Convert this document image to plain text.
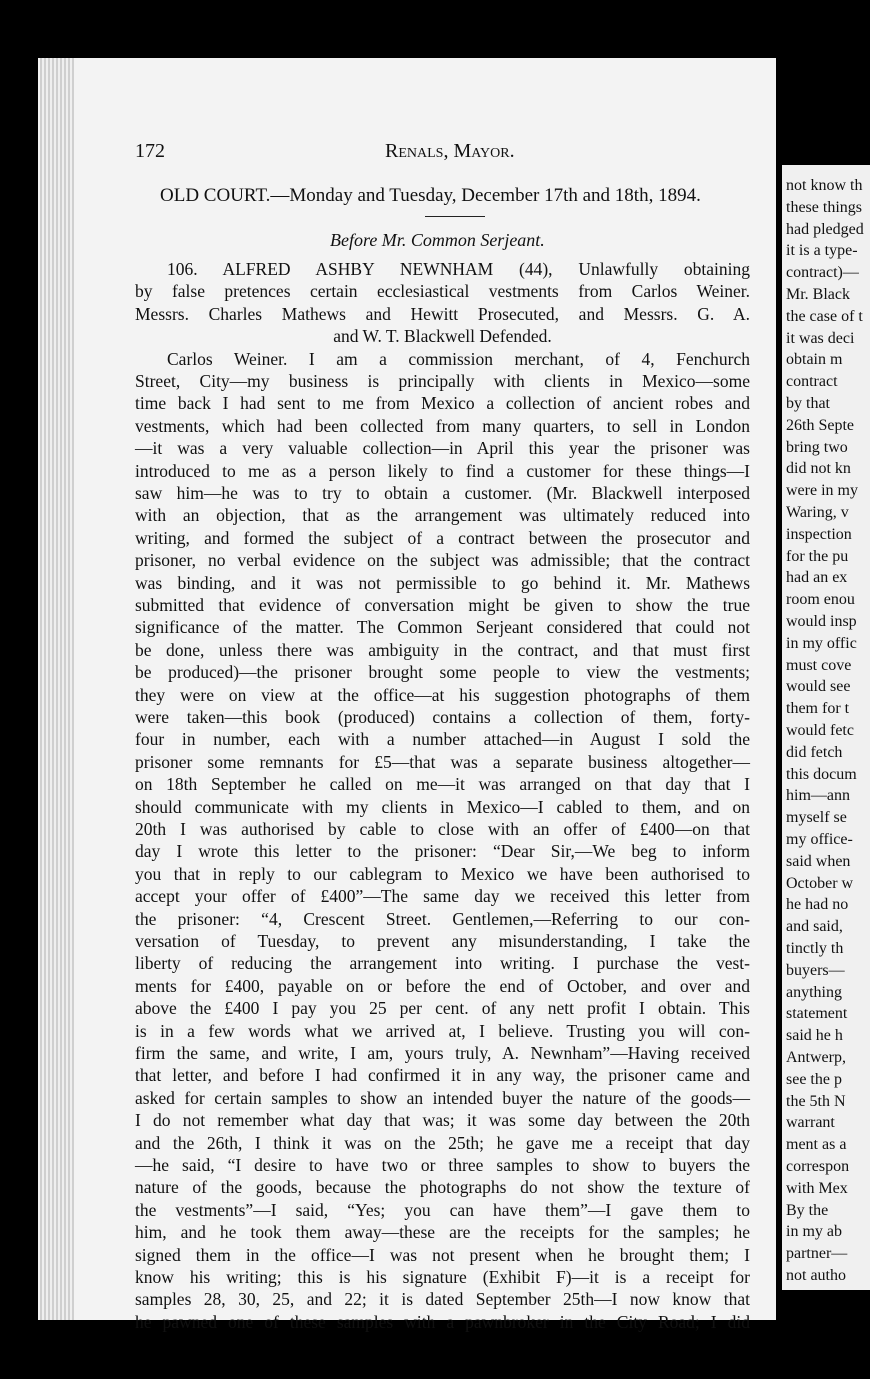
not know th
these things
had pledged
it is a type-
contract)—
Mr. Black
the case of t
it was deci
obtain m
contract
by that
26th Septe
bring two
did not kn
were in my
Waring, v
inspection
for the pu
had an ex
room enou
would insp
in my offic
must cove
would see
them for t
would fetc
did fetch
this docum
him—ann
myself se
my office-
said when
October w
he had no
and said,
tinctly th
buyers—
anything
statement
said he h
Antwerp,
see the p
the 5th N
warrant
ment as a
correspon
with Mex
By the
in my ab
partner—
not autho
172	Renals, Mayor.
OLD COURT.—Monday and Tuesday, December 17th and 18th, 1894.
Before Mr. Common Serjeant.
106. ALFRED ASHBY NEWNHAM (44), Unlawfully obtaining
by false pretences certain ecclesiastical vestments from Carlos Weiner.
Messrs. Charles Mathews and Hewitt Prosecuted, and Messrs. G. A.
and W. T. Blackwell Defended.
Carlos Weiner. I am a commission merchant, of 4, Fenchurch
Street, City—my business is principally with clients in Mexico—some
time back I had sent to me from Mexico a collection of ancient robes and
vestments, which had been collected from many quarters, to sell in London
—it was a very valuable collection—in April this year the prisoner was
introduced to me as a person likely to find a customer for these things—I
saw him—he was to try to obtain a customer. (Mr. Blackwell interposed
with an objection, that as the arrangement was ultimately reduced into
writing, and formed the subject of a contract between the prosecutor and
prisoner, no verbal evidence on the subject was admissible; that the contract
was binding, and it was not permissible to go behind it. Mr. Mathews
submitted that evidence of conversation might be given to show the true
significance of the matter. The Common Serjeant considered that could not
be done, unless there was ambiguity in the contract, and that must first
be produced)—the prisoner brought some people to view the vestments;
they were on view at the office—at his suggestion photographs of them
were taken—this book (produced) contains a collection of them, forty-
four in number, each with a number attached—in August I sold the
prisoner some remnants for £5—that was a separate business altogether—
on 18th September he called on me—it was arranged on that day that I
should communicate with my clients in Mexico—I cabled to them, and on
20th I was authorised by cable to close with an offer of £400—on that
day I wrote this letter to the prisoner: “Dear Sir,—We beg to inform
you that in reply to our cablegram to Mexico we have been authorised to
accept your offer of £400”—The same day we received this letter from
the prisoner: “4, Crescent Street. Gentlemen,—Referring to our con-
versation of Tuesday, to prevent any misunderstanding, I take the
liberty of reducing the arrangement into writing. I purchase the vest-
ments for £400, payable on or before the end of October, and over and
above the £400 I pay you 25 per cent. of any nett profit I obtain. This
is in a few words what we arrived at, I believe. Trusting you will con-
firm the same, and write, I am, yours truly, A. Newnham”—Having received
that letter, and before I had confirmed it in any way, the prisoner came and
asked for certain samples to show an intended buyer the nature of the goods—
I do not remember what day that was; it was some day between the 20th
and the 26th, I think it was on the 25th; he gave me a receipt that day
—he said, “I desire to have two or three samples to show to buyers the
nature of the goods, because the photographs do not show the texture of
the vestments”—I said, “Yes; you can have them”—I gave them to
him, and he took them away—these are the receipts for the samples; he
signed them in the office—I was not present when he brought them; I
know his writing; this is his signature (Exhibit F)—it is a receipt for
samples 28, 30, 25, and 22; it is dated September 25th—I now know that
he pawned one of these samples with a pawnbroker in the City Road; I did
